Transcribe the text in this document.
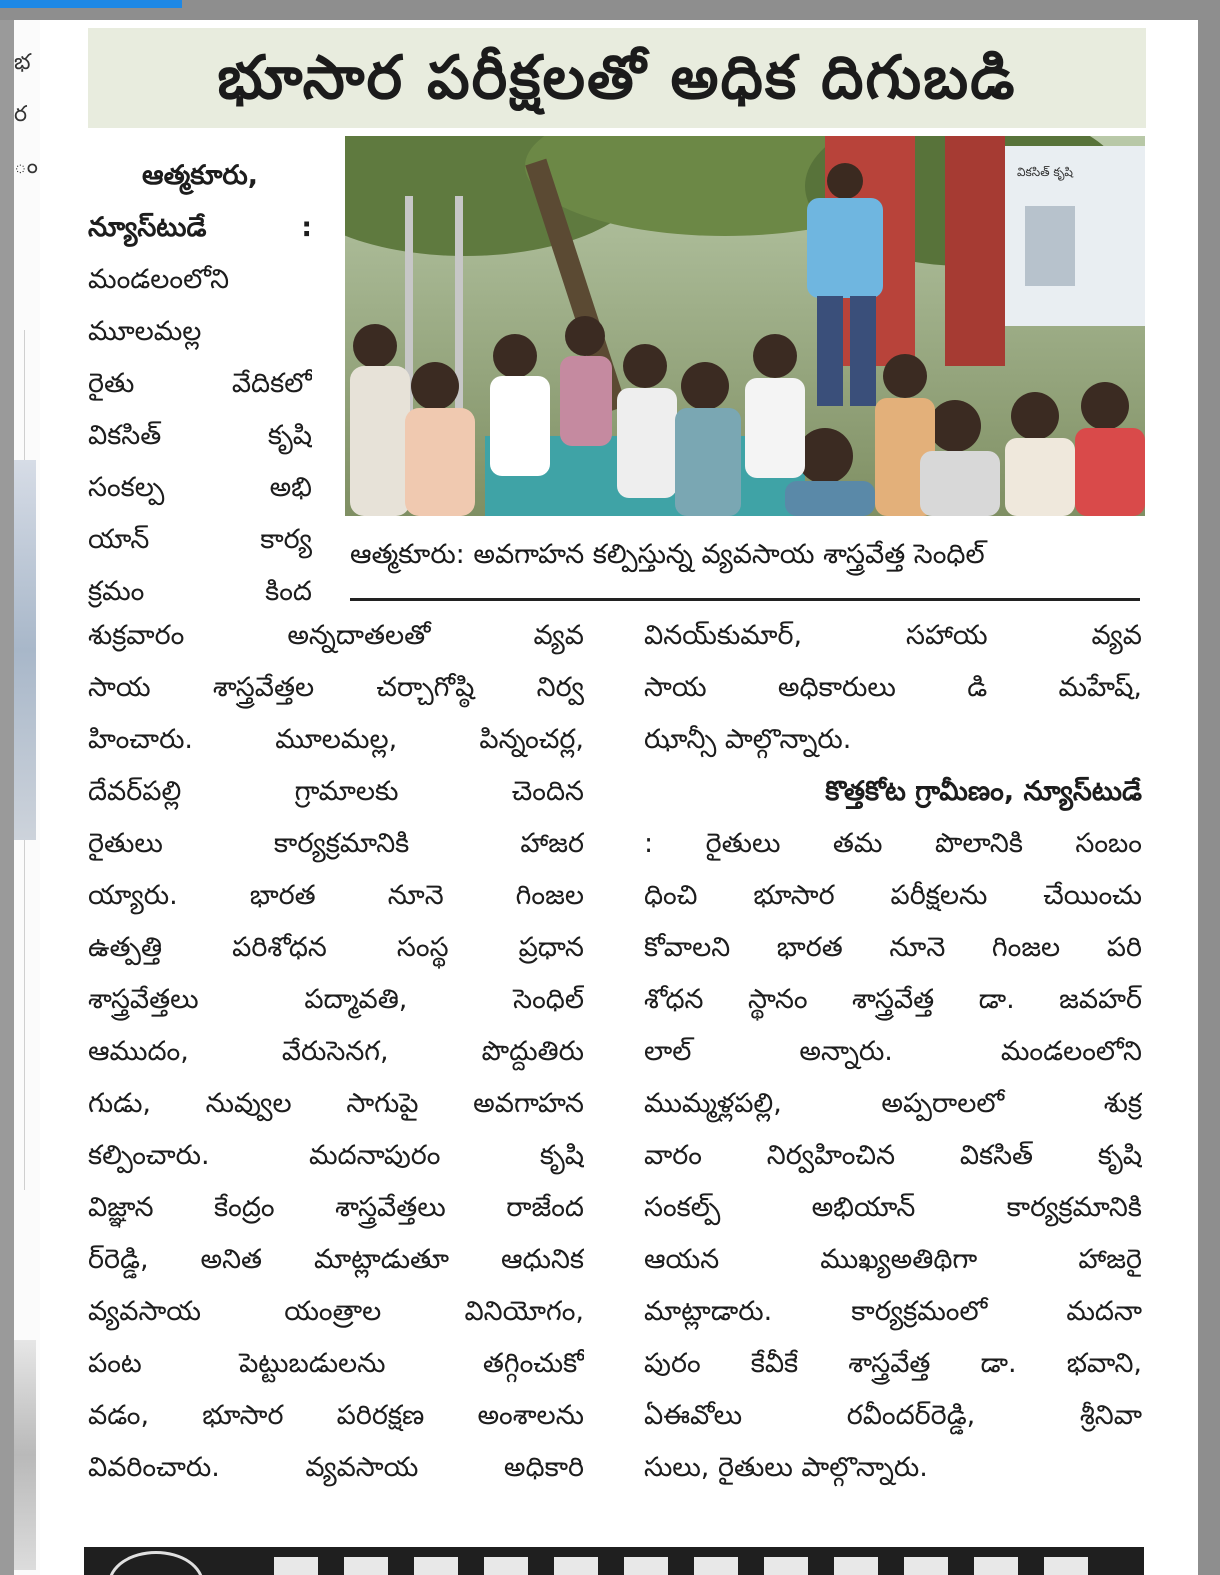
భ
ర
ం
భూసార పరీక్షలతో అధిక దిగుబడి
వికసిత్ కృషి
ఆత్మకూరు: అవగాహన కల్పిస్తున్న వ్యవసాయ శాస్త్రవేత్త సెంధిల్
ఆత్మకూరు,
న్యూస్‌టుడే :
మండలంలోని
మూలమల్ల
రైతు వేదికలో
వికసిత్ కృషి
సంకల్ప అభి
యాన్ కార్య
క్రమం కింద
శుక్రవారం అన్నదాతలతో వ్యవ
సాయ శాస్త్రవేత్తల చర్చాగోష్ఠి నిర్వ
హించారు. మూలమల్ల, పిన్నంచర్ల,
దేవర్‌పల్లి గ్రామాలకు చెందిన
రైతులు కార్యక్రమానికి హాజర
య్యారు. భారత నూనె గింజల
ఉత్పత్తి పరిశోధన సంస్థ ప్రధాన
శాస్త్రవేత్తలు పద్మావతి, సెంధిల్
ఆముదం, వేరుసెనగ, పొద్దుతిరు
గుడు, నువ్వుల సాగుపై అవగాహన
కల్పించారు. మదనాపురం కృషి
విజ్ఞాన కేంద్రం శాస్త్రవేత్తలు రాజేంద
ర్‌రెడ్డి, అనిత మాట్లాడుతూ ఆధునిక
వ్యవసాయ యంత్రాల వినియోగం,
పంట పెట్టుబడులను తగ్గించుకో
వడం, భూసార పరిరక్షణ అంశాలను
వివరించారు. వ్యవసాయ అధికారి
వినయ్‌కుమార్, సహాయ వ్యవ
సాయ అధికారులు డి మహేష్,
ఝాన్సీ పాల్గొన్నారు.
కొత్తకోట గ్రామీణం, న్యూస్‌టుడే
: రైతులు తమ పొలానికి సంబం
ధించి భూసార పరీక్షలను చేయించు
కోవాలని భారత నూనె గింజల పరి
శోధన స్థానం శాస్త్రవేత్త డా. జవహర్
లాల్ అన్నారు. మండలంలోని
ముమ్మళ్లపల్లి, అప్పరాలలో శుక్ర
వారం నిర్వహించిన వికసిత్ కృషి
సంకల్ప్ అభియాన్ కార్యక్రమానికి
ఆయన ముఖ్యఅతిథిగా హాజరై
మాట్లాడారు. కార్యక్రమంలో మదనా
పురం కేవీకే శాస్త్రవేత్త డా. భవాని,
ఏఈవోలు రవీందర్‌రెడ్డి, శ్రీనివా
సులు, రైతులు పాల్గొన్నారు.
